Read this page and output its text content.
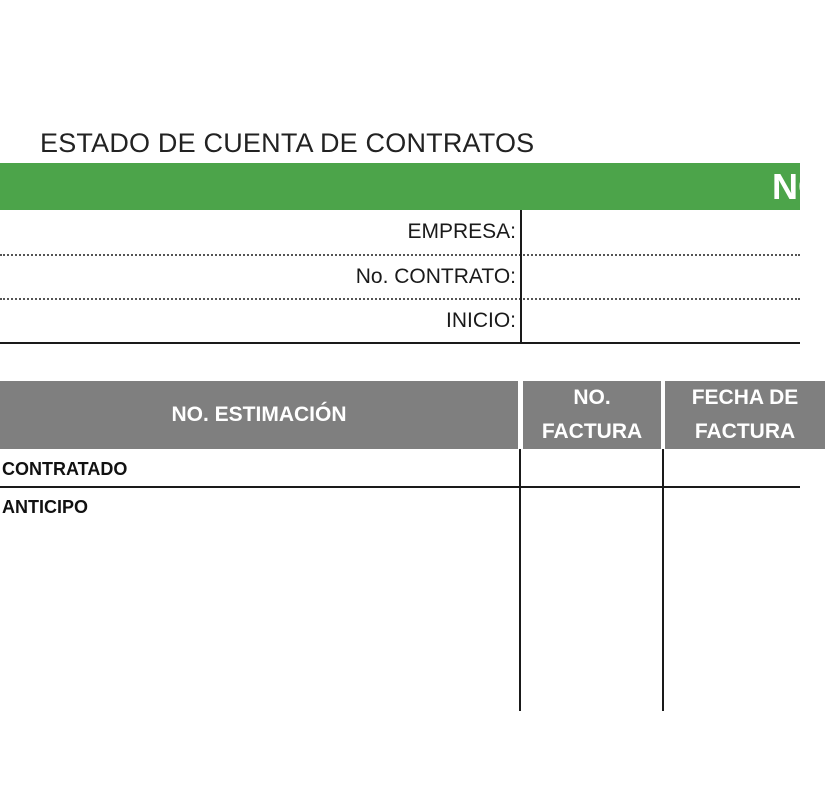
ESTADO DE CUENTA DE CONTRATOS
NO
EMPRESA:
No. CONTRATO:
INICIO:
NO. ESTIMACIÓN
NO.
FACTURA
FECHA DE
FACTURA
CONTRATADO
ANTICIPO
